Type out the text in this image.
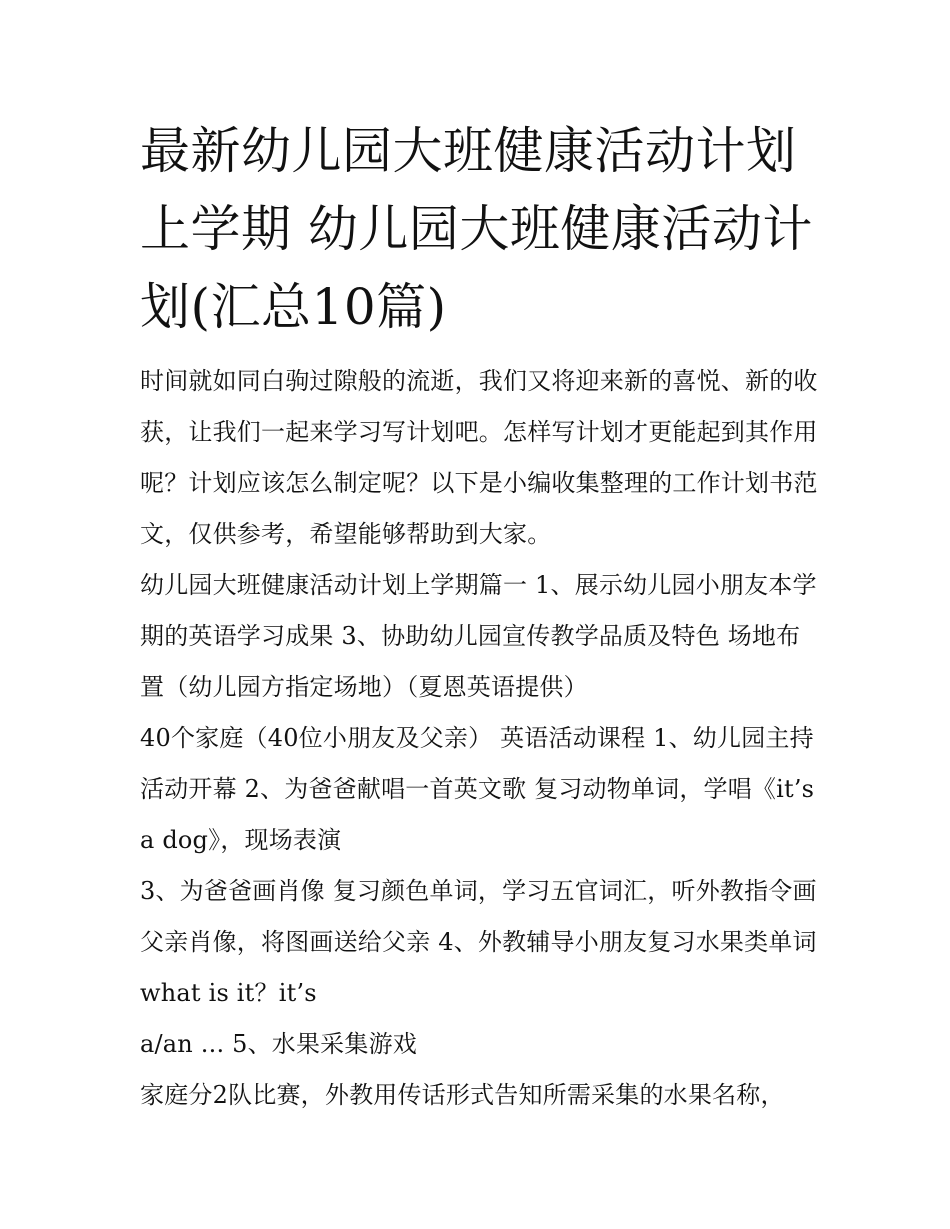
最新幼儿园大班健康活动计划上学期 幼儿园大班健康活动计划(汇总10篇)

时间就如同白驹过隙般的流逝，我们又将迎来新的喜悦、新的收获，让我们一起来学习写计划吧。怎样写计划才更能起到其作用呢？计划应该怎么制定呢？以下是小编收集整理的工作计划书范文，仅供参考，希望能够帮助到大家。

幼儿园大班健康活动计划上学期篇一 1、展示幼儿园小朋友本学期的英语学习成果 3、协助幼儿园宣传教学品质及特色 场地布置（幼儿园方指定场地）（夏恩英语提供）

40个家庭（40位小朋友及父亲） 英语活动课程 1、幼儿园主持活动开幕 2、为爸爸献唱一首英文歌 复习动物单词，学唱《it’s a dog》，现场表演

3、为爸爸画肖像 复习颜色单词，学习五官词汇，听外教指令画父亲肖像，将图画送给父亲 4、外教辅导小朋友复习水果类单词 what is it？it’s

a/an ... 5、水果采集游戏

家庭分2队比赛，外教用传话形式告知所需采集的水果名称，
